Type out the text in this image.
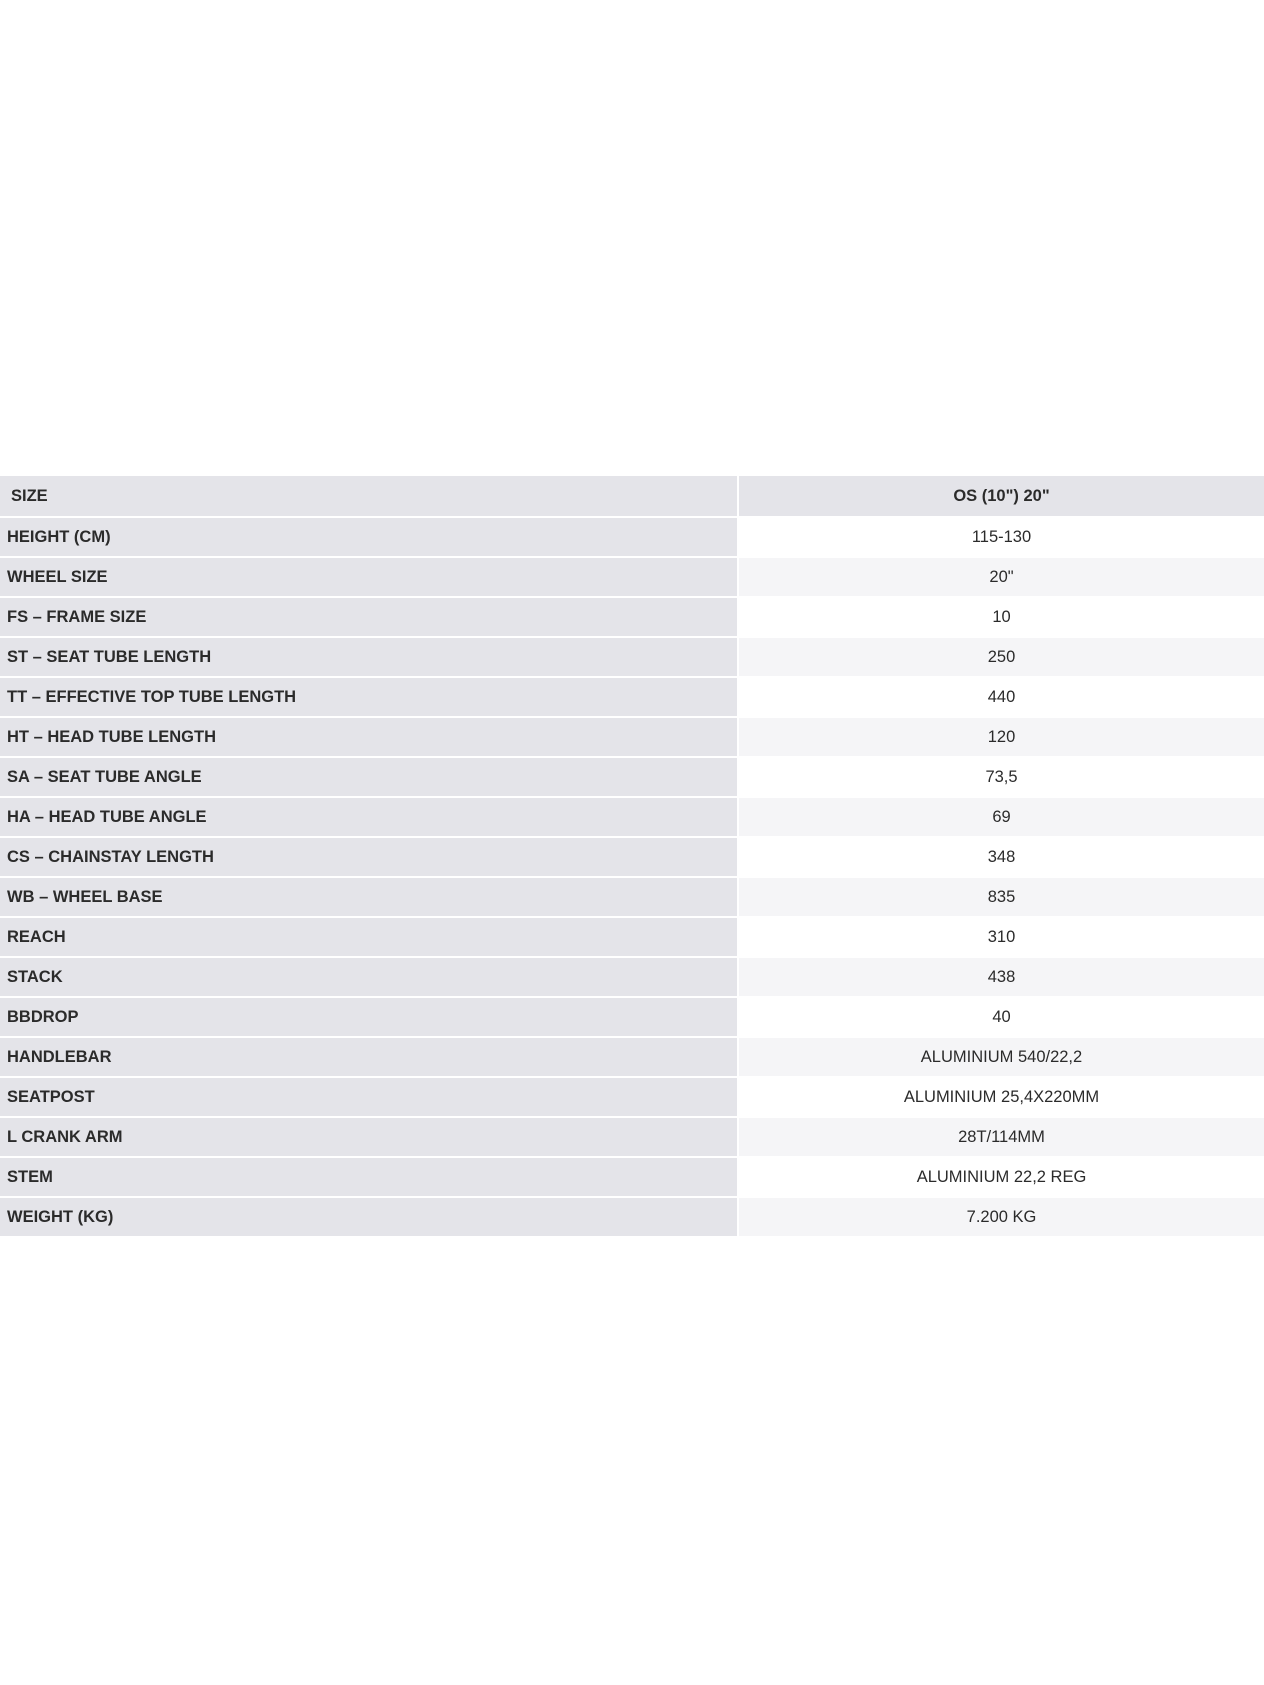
SIZE	OS (10") 20"
HEIGHT (CM)	115-130
WHEEL SIZE	20"
FS – FRAME SIZE	10
ST – SEAT TUBE LENGTH	250
TT – EFFECTIVE TOP TUBE LENGTH	440
HT – HEAD TUBE LENGTH	120
SA – SEAT TUBE ANGLE	73,5
HA – HEAD TUBE ANGLE	69
CS – CHAINSTAY LENGTH	348
WB – WHEEL BASE	835
REACH	310
STACK	438
BBDROP	40
HANDLEBAR	ALUMINIUM 540/22,2
SEATPOST	ALUMINIUM 25,4X220MM
L CRANK ARM	28T/114MM
STEM	ALUMINIUM 22,2 REG
WEIGHT (KG)	7.200 KG
